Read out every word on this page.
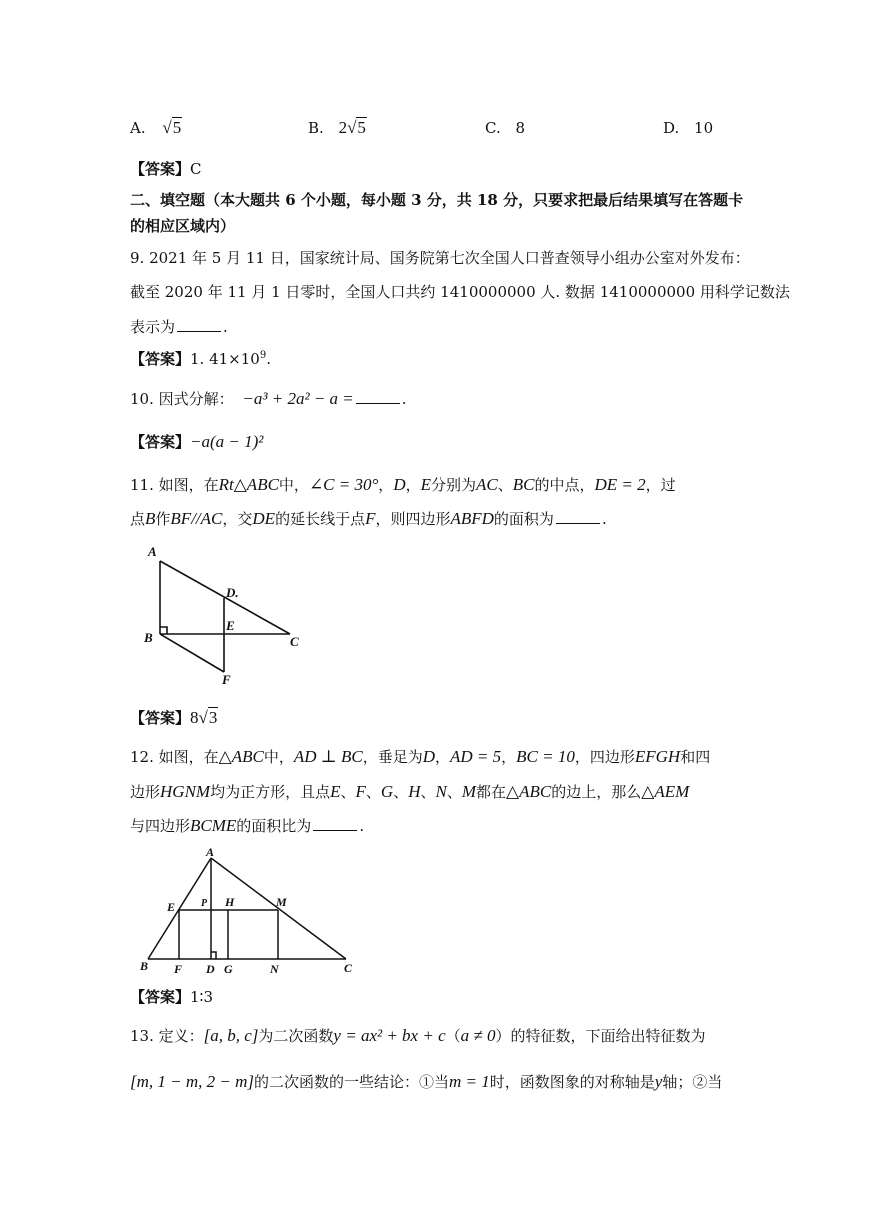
A. √5	B. 2√5	C. 8	D. 10
【答案】C
二、填空题（本大题共 6 个小题，每小题 3 分，共 18 分，只要求把最后结果填写在答题卡
的相应区域内）
9. 2021 年 5 月 11 日，国家统计局、国务院第七次全国人口普查领导小组办公室对外发布：
截至 2020 年 11 月 1 日零时，全国人口共约 1410000000 人. 数据 1410000000 用科学记数法
表示为	.
【答案】1. $41\times 10^9$.
10. 因式分解： −a³ + 2a² − a =	.
【答案】−a(a − 1)²
11. 如图，在Rt△ABC中，∠C = 30°，D，E分别为AC、BC的中点，DE = 2，过
点B作BF//AC，交DE的延长线于点F，则四边形ABFD的面积为	.
A
B	C
D.
E
F
【答案】8√3
12. 如图，在△ABC中，AD ⊥ BC，垂足为D，AD = 5，BC = 10，四边形EFGH和四
边形HGNM均为正方形，且点E、F、G、H、N、M都在△ABC的边上，那么△AEM
与四边形BCME的面积比为	.
A
B	C
D
E
F	G
H	M
N
P
【答案】1∶3
13. 定义：[a, b, c]为二次函数y = ax² + bx + c（a ≠ 0）的特征数，下面给出特征数为
[m, 1 − m, 2 − m]的二次函数的一些结论：①当m = 1时，函数图象的对称轴是y轴；②当
